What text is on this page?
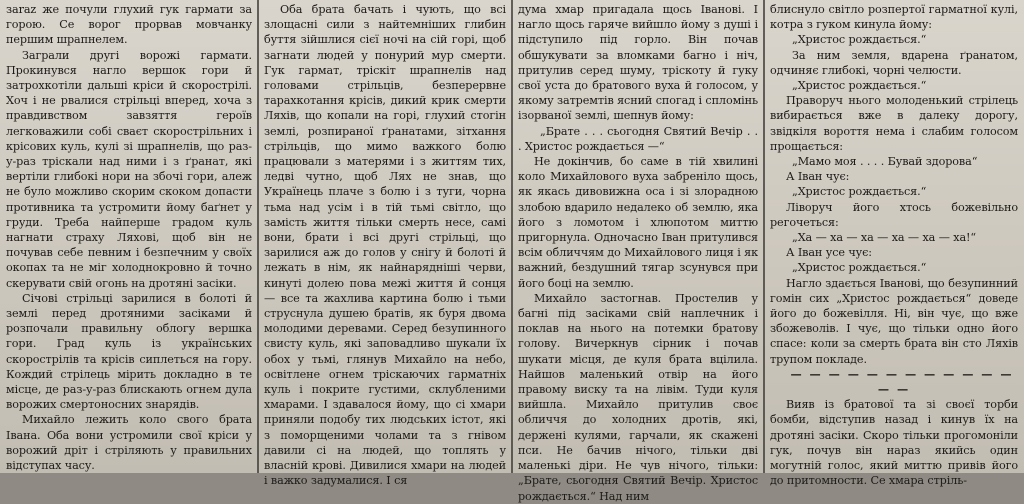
заraz же почули глухий гук гармати за горою. Се ворог прорвав мовчанку першим шрапнелем.

Заграли другі ворожі гармати. Прокинувся нагло вершок гори й затрохкотіли дальші кріси й скорострілі. Хоч і не рвалися стрільці вперед, хоча з правдивством завзяття героїв легковажили собі сваєт скорострільних і крісових куль, кулі зі шрапнелів, що раз-у-раз тріскали над ними і з ґранат, які вертіли глибокі нори на збочі гори, алеж не було можливо скорим скоком допасти противника та устромити йому баґнет у груди. Треба найперше градом куль нагнати страху Ляхові, щоб він не почував себе певним і безпечним у своїх окопах та не міг холоднокровно й точно скерувати свій огонь на дротяні засіки.

Січові стрільці зарилися в болоті й землі перед дротяними засіками й розпочали правильну облогу вершка гори. Град куль із українських скорострілів та крісів сиплеться на гору. Кождий стрілець мірить докладно в те місце, де раз-у-раз блискають огнем дула ворожих смертоносних знарядів.

Михайло лежить коло свого брата Івана. Оба вони устромили свої кріси у ворожий дріт і стріляють у правильних відступах часу.

Оба брата бачать і чують, що всі злощасні сили з найтемніших глибин буття зійшлися сієї ночі на сій горі, щоб загнати людей у понурий мур смерти. Гук гармат, тріскіт шрапнелів над головами стрільців, безперервне тарахкотання крісів, дикий крик смерти Ляхів, що копали на горі, глухий стогін землі, розпираної ґранатами, зітхання стрільців, що мимо важкого болю працювали з матерями і з життям тих, ледві чутно, щоб Лях не знав, що Українець плаче з болю і з туги, чорна тьма над усім і в тій тьмі світло, що замість життя тільки смерть несе, самі вони, брати і всі другі стрільці, що зарилися аж до голов у снігу й болоті й лежать в нім, як найнарядніші черви, кинуті долею пова межі життя й сонця — все та жахлива картина болю і тьми струснула душею братів, як буря двома молодими деревами. Серед безупинного свисту куль, які заповадливо шукали їх обох у тьмі, глянув Михайло на небо, освітлене огнем тріскаючих гарматніх куль і покрите густими, склубленими хмарами. І здавалося йому, що сі хмари приняли подобу тих людських істот, які з поморщеними чолами та з гнівом давили сі на людей, що топлять у власній крові. Дивилися хмари на людей і важко задумалися. І ся

дума хмар пригадала щось Іванові. І нагло щось гаряче вийшло йому з душі і підступило під горло. Він почав обшукувати за вломками багно і ніч, притулив серед шуму, тріскоту й гуку свої уста до братового вуха й голосом, у якому затремтів ясний спогад і спломінь ізорваної землі, шепнув йому:

„Брате . . . сьогодня Святий Вечір . . . Христос рождається —“

Не докінчив, бо саме в тій хвилині коло Михайлового вуха забреніло щось, як якась дивовижна оса і зі злорадною злобою вдарило недалеко об землю, яка його з ломотом і хлюпотом миттю пригорнула. Одночасно Іван притулився всім обличчям до Михайлового лиця і як важний, бездушний тягар зсунувся при його боці на землю.

Михайло застогнав. Простелив у багні під засіками свій наплечник і поклав на нього на потемки братову голову. Вичеркнув сірник і почав шукати місця, де куля брата вцілила. Найшов маленький отвір на його правому виску та на лівім. Туди куля вийшла. Михайло притулив своє обличчя до холодних дротів, які, держені кулями, гарчали, як скажені пси. Не бачив нічого, тільки дві маленькі діри. Не чув нічого, тільки: „Брате, сьогодня Святий Вечір. Христос рождається.“ Над ним

блиснуло світло розпертої гарматної кулі, котра з гуком кинула йому:

„Христос рождається.“

За ним земля, вдарена ґранатом, одчиняє глибокі, чорні челюсти.

„Христос рождається.“

Праворуч нього молоденький стрілець вибирається вже в далеку дорогу, звідкіля вороття нема і слабим голосом прощається:

„Мамо моя . . . . Бувай здорова“

А Іван чує:

„Христос рождається.“

Ліворуч його хтось божевільно регочеться:

„Ха — ха — ха — ха — ха — ха!“

А Іван усе чує:

„Христос рождається.“

Нагло здається Іванові, що безупинний гомін сих „Христос рождається“ доведе його до божевілля. Ні, він чує, що вже збожеволів. І чує, що тільки одно його спасе: коли за смерть брата він сто Ляхів трупом покладе.

— — — — — — — — — — — — — —

Вияв із братової та зі своєї торби бомби, відступив назад і кинув їх на дротяні засіки. Скоро тільки прогомоніли гук, почув він нараз якийсь один могутній голос, який миттю привів його до притомности. Се хмара стріль-
